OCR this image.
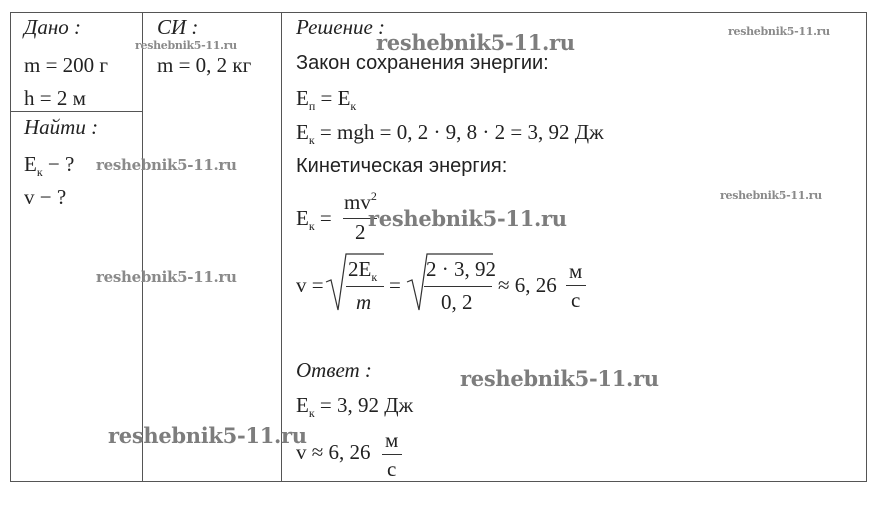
Дано :
m = 200 г
h = 2 м
СИ :
m = 0, 2 кг
Найти :
$E_к$ − ?
v − ?
Решение :
Закон сохранения энергии:
$E_п = E_к$
$E_к$ = mgh = 0, 2 · 9, 8 · 2 = 3, 92 Дж
Кинетическая энергия:
$E_к$ =
$mv^2$
2
v =
$2E_к$
m
=
2 · 3, 92
0, 2
≈ 6, 26
м
с
Ответ :
$E_к = 3$, 92 Дж
v ≈ 6, 26 м
с
reshebnik5-11.ru	reshebnik5-11.ru	reshebnik5-11.ru
reshebnik5-11.ru
reshebnik5-11.ru
reshebnik5-11.ru
reshebnik5-11.ru
reshebnik5-11.ru
reshebnik5-11.ru
